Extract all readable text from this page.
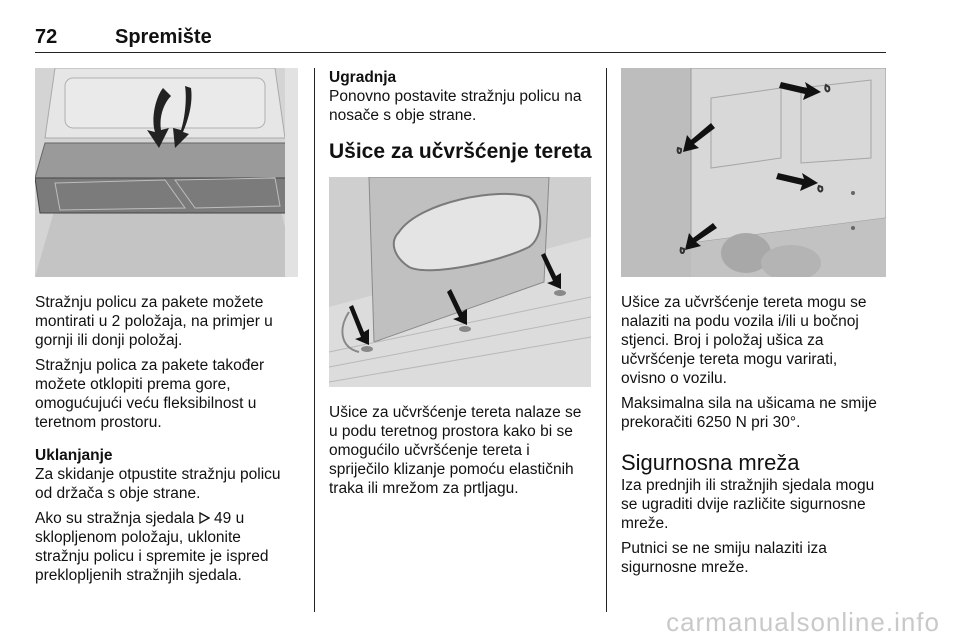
72	Spremište

Stražnju policu za pakete možete montirati u 2 položaja, na primjer u gornji ili donji položaj.

Stražnju polica za pakete također možete otklopiti prema gore, omogućujući veću fleksibilnost u teretnom prostoru.

Uklanjanje

Za skidanje otpustite stražnju policu od držača s obje strane.

Ako su stražnja sjedala 49 u sklopljenom položaju, uklonite stražnju policu i spremite je ispred preklopljenih stražnjih sjedala.

Ugradnja

Ponovno postavite stražnju policu na nosače s obje strane.

Ušice za učvršćenje tereta

Ušice za učvršćenje tereta nalaze se u podu teretnog prostora kako bi se omogućilo učvršćenje tereta i spriječilo klizanje pomoću elastičnih traka ili mrežom za prtljagu.

Ušice za učvršćenje tereta mogu se nalaziti na podu vozila i/ili u bočnoj stjenci. Broj i položaj ušica za učvršćenje tereta mogu varirati, ovisno o vozilu.

Maksimalna sila na ušicama ne smije prekoračiti 6250 N pri 30°.

Sigurnosna mreža

Iza prednjih ili stražnjih sjedala mogu se ugraditi dvije različite sigurnosne mreže.

Putnici se ne smiju nalaziti iza sigurnosne mreže.

carmanualsonline.info
